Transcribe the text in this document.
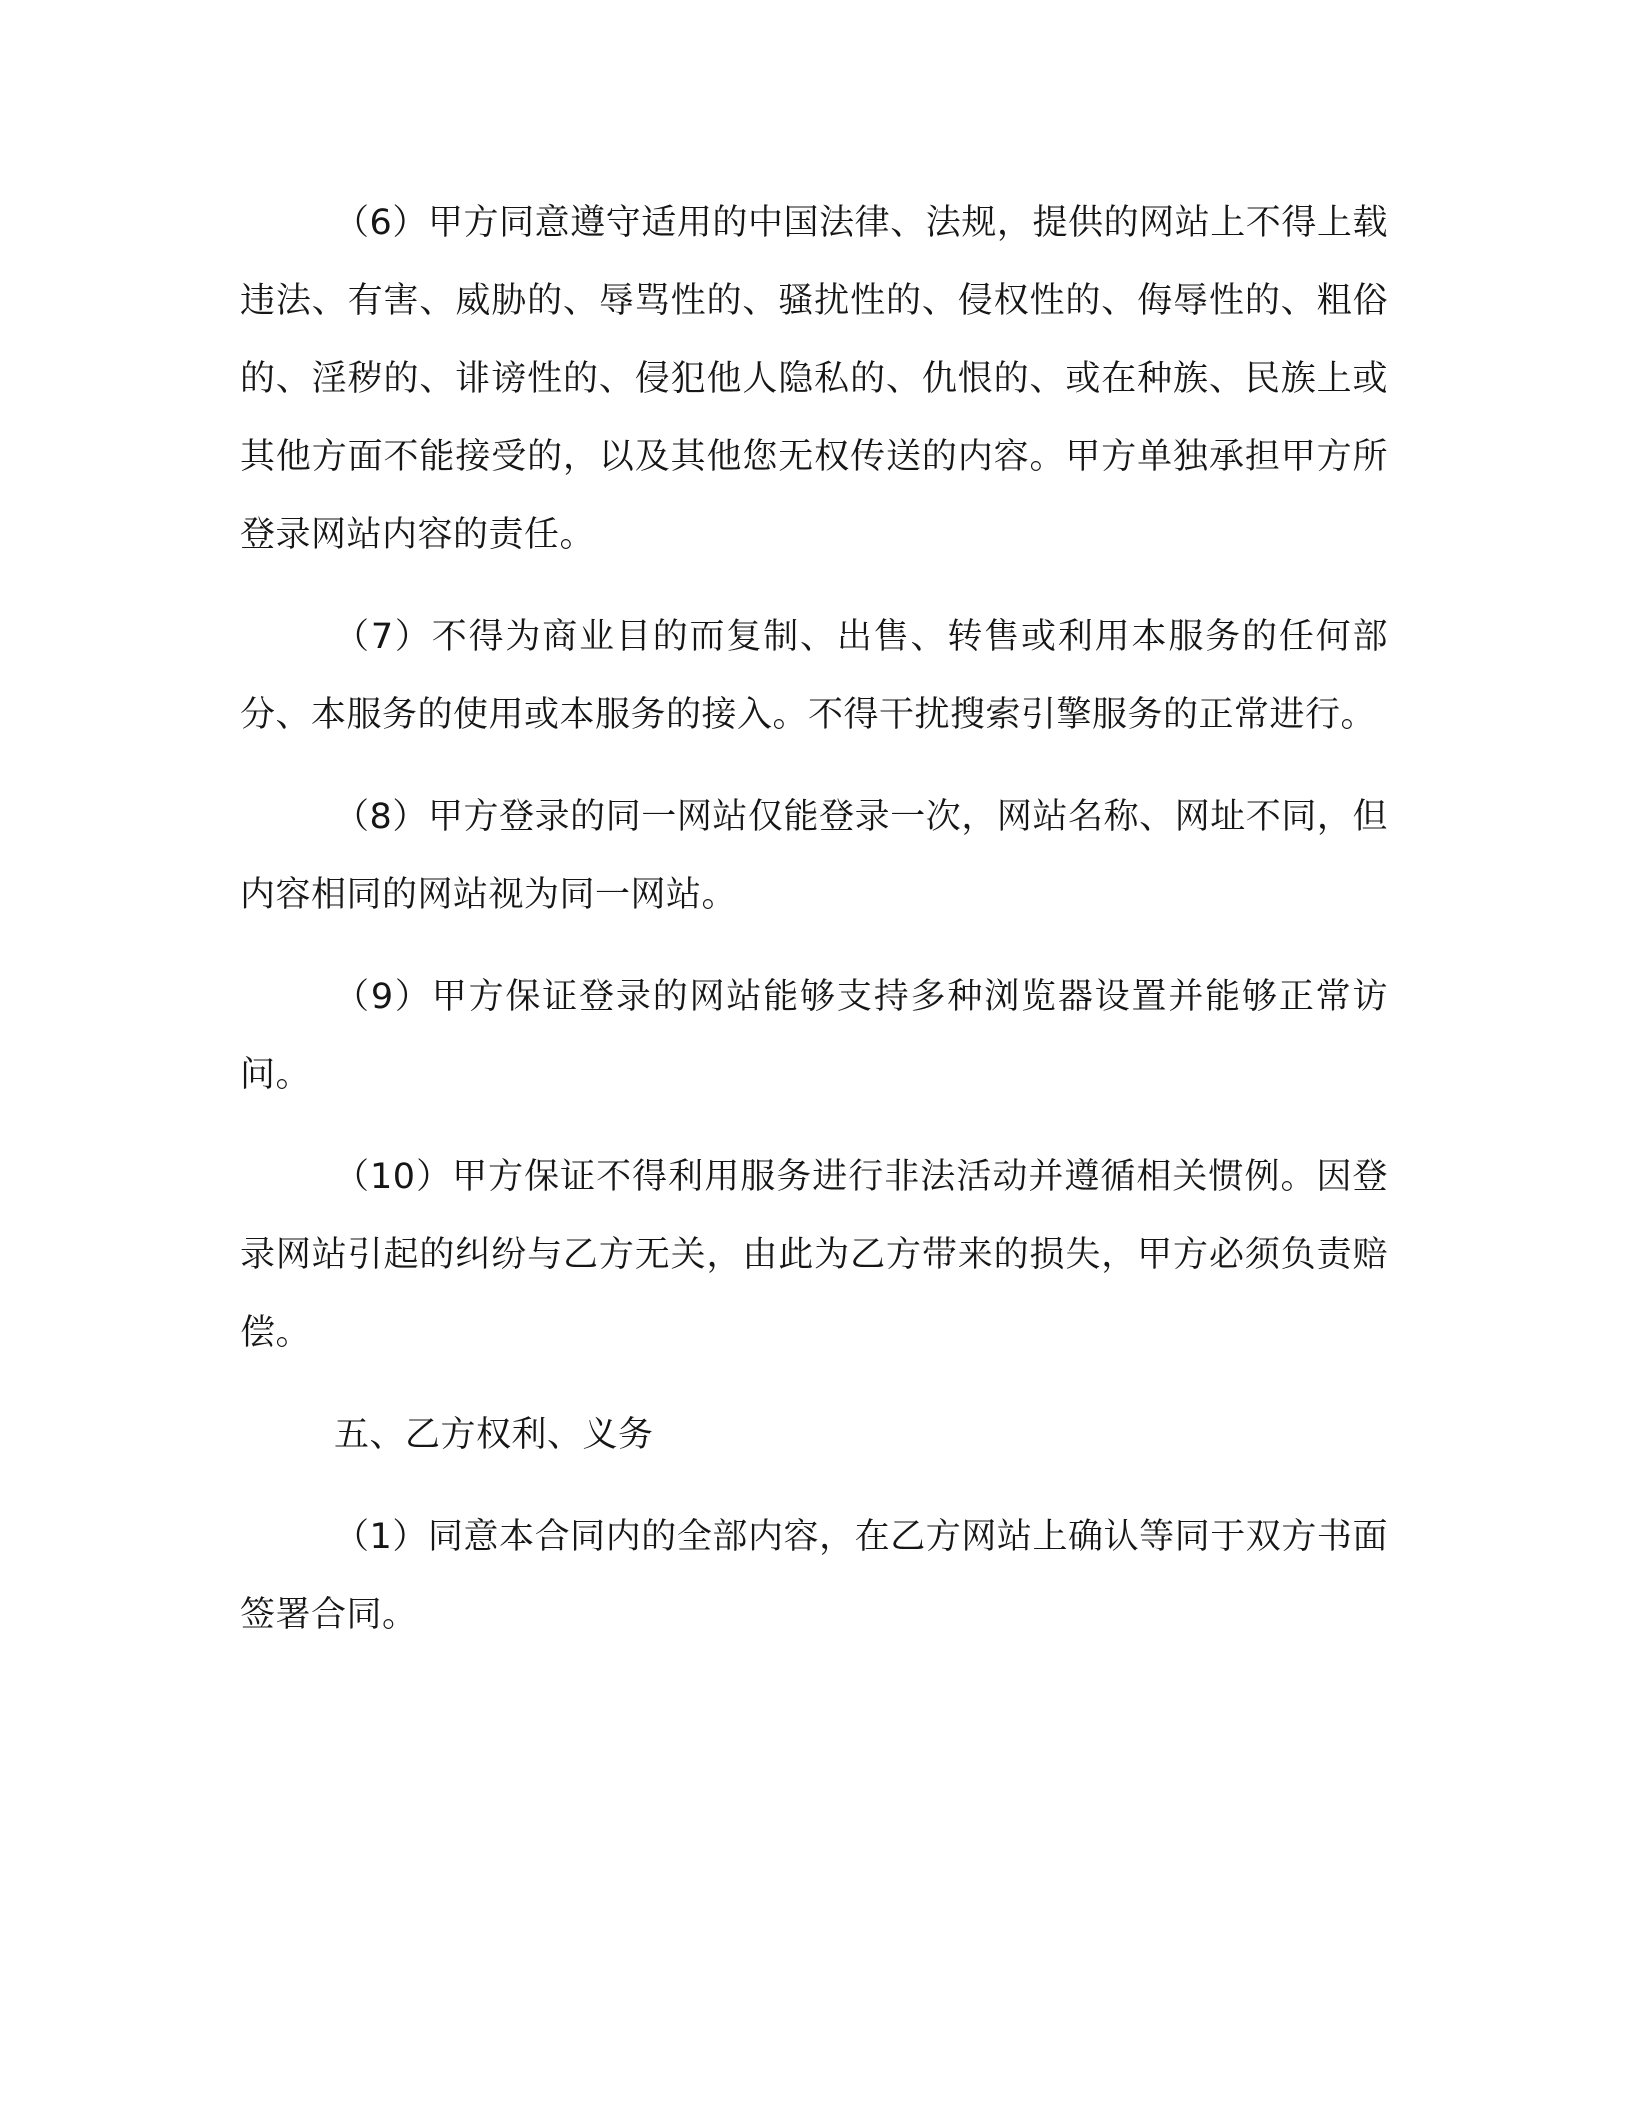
（6）甲方同意遵守适用的中国法律、法规，提供的网站上不得上载违法、有害、威胁的、辱骂性的、骚扰性的、侵权性的、侮辱性的、粗俗的、淫秽的、诽谤性的、侵犯他人隐私的、仇恨的、或在种族、民族上或其他方面不能接受的，以及其他您无权传送的内容。甲方单独承担甲方所登录网站内容的责任。

（7）不得为商业目的而复制、出售、转售或利用本服务的任何部分、本服务的使用或本服务的接入。不得干扰搜索引擎服务的正常进行。

（8）甲方登录的同一网站仅能登录一次，网站名称、网址不同，但内容相同的网站视为同一网站。

（9）甲方保证登录的网站能够支持多种浏览器设置并能够正常访问。

（10）甲方保证不得利用服务进行非法活动并遵循相关惯例。因登录网站引起的纠纷与乙方无关，由此为乙方带来的损失，甲方必须负责赔偿。

五、乙方权利、义务

（1）同意本合同内的全部内容，在乙方网站上确认等同于双方书面签署合同。
